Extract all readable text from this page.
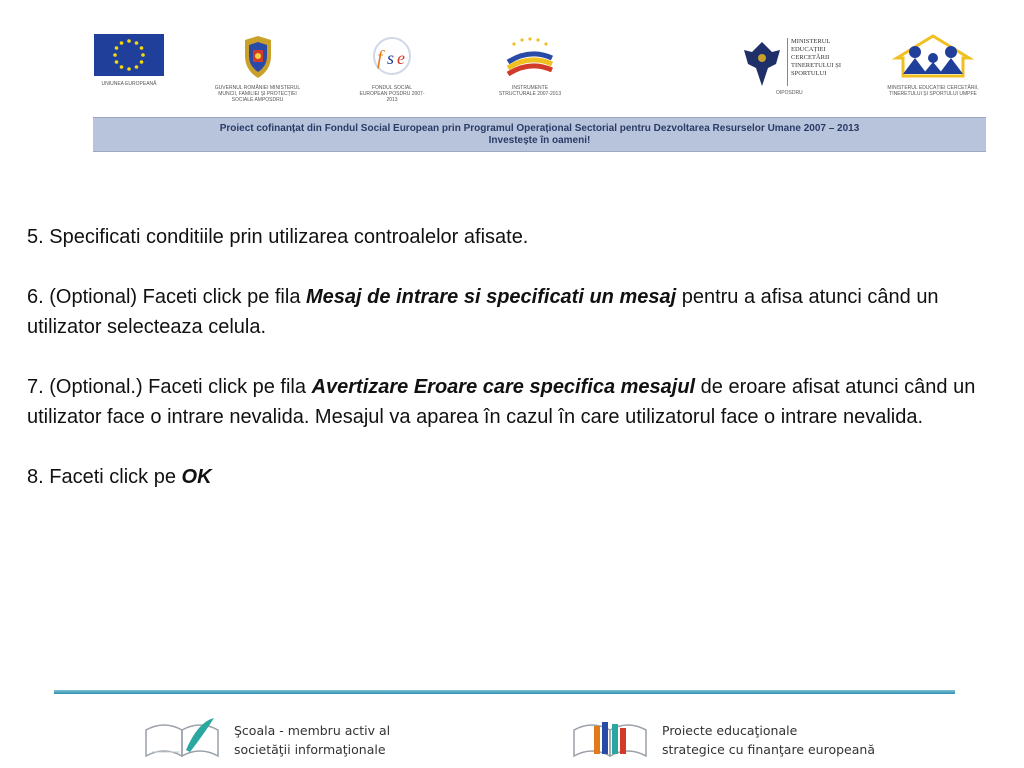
UNIUNEA EUROPEANĂ
GUVERNUL ROMÂNIEI MINISTERUL MUNCII, FAMILIEI ȘI PROTECȚIEI SOCIALE AMPOSDRU
f s e
FONDUL SOCIAL EUROPEAN POSDRU 2007-2013
INSTRUMENTE STRUCTURALE 2007-2013
MINISTERUL EDUCAȚIEI CERCETĂRII TINERETULUI ȘI SPORTULUI
OIPOSDRU
MINISTERUL EDUCAȚIEI CERCETĂRII, TINERETULUI ȘI SPORTULUI UMPFE
Proiect cofinanțat din Fondul Social European prin Programul Operațional Sectorial pentru Dezvoltarea Resurselor Umane 2007 – 2013
Investește în oameni!

5. Specificati conditiile prin utilizarea controalelor afisate.

6. (Optional) Faceti click pe fila Mesaj de intrare si specificati un mesaj pentru a afisa atunci când un utilizator selecteaza celula.

7. (Optional.) Faceti click pe fila Avertizare Eroare care specifica mesajul de eroare afisat atunci când un utilizator face o intrare nevalida. Mesajul va aparea în cazul în care utilizatorul face o intrare nevalida.

8. Faceti click pe OK

Şcoala - membru activ al
societăţii informaţionale
Proiecte educaţionale
strategice cu finanţare europeană
